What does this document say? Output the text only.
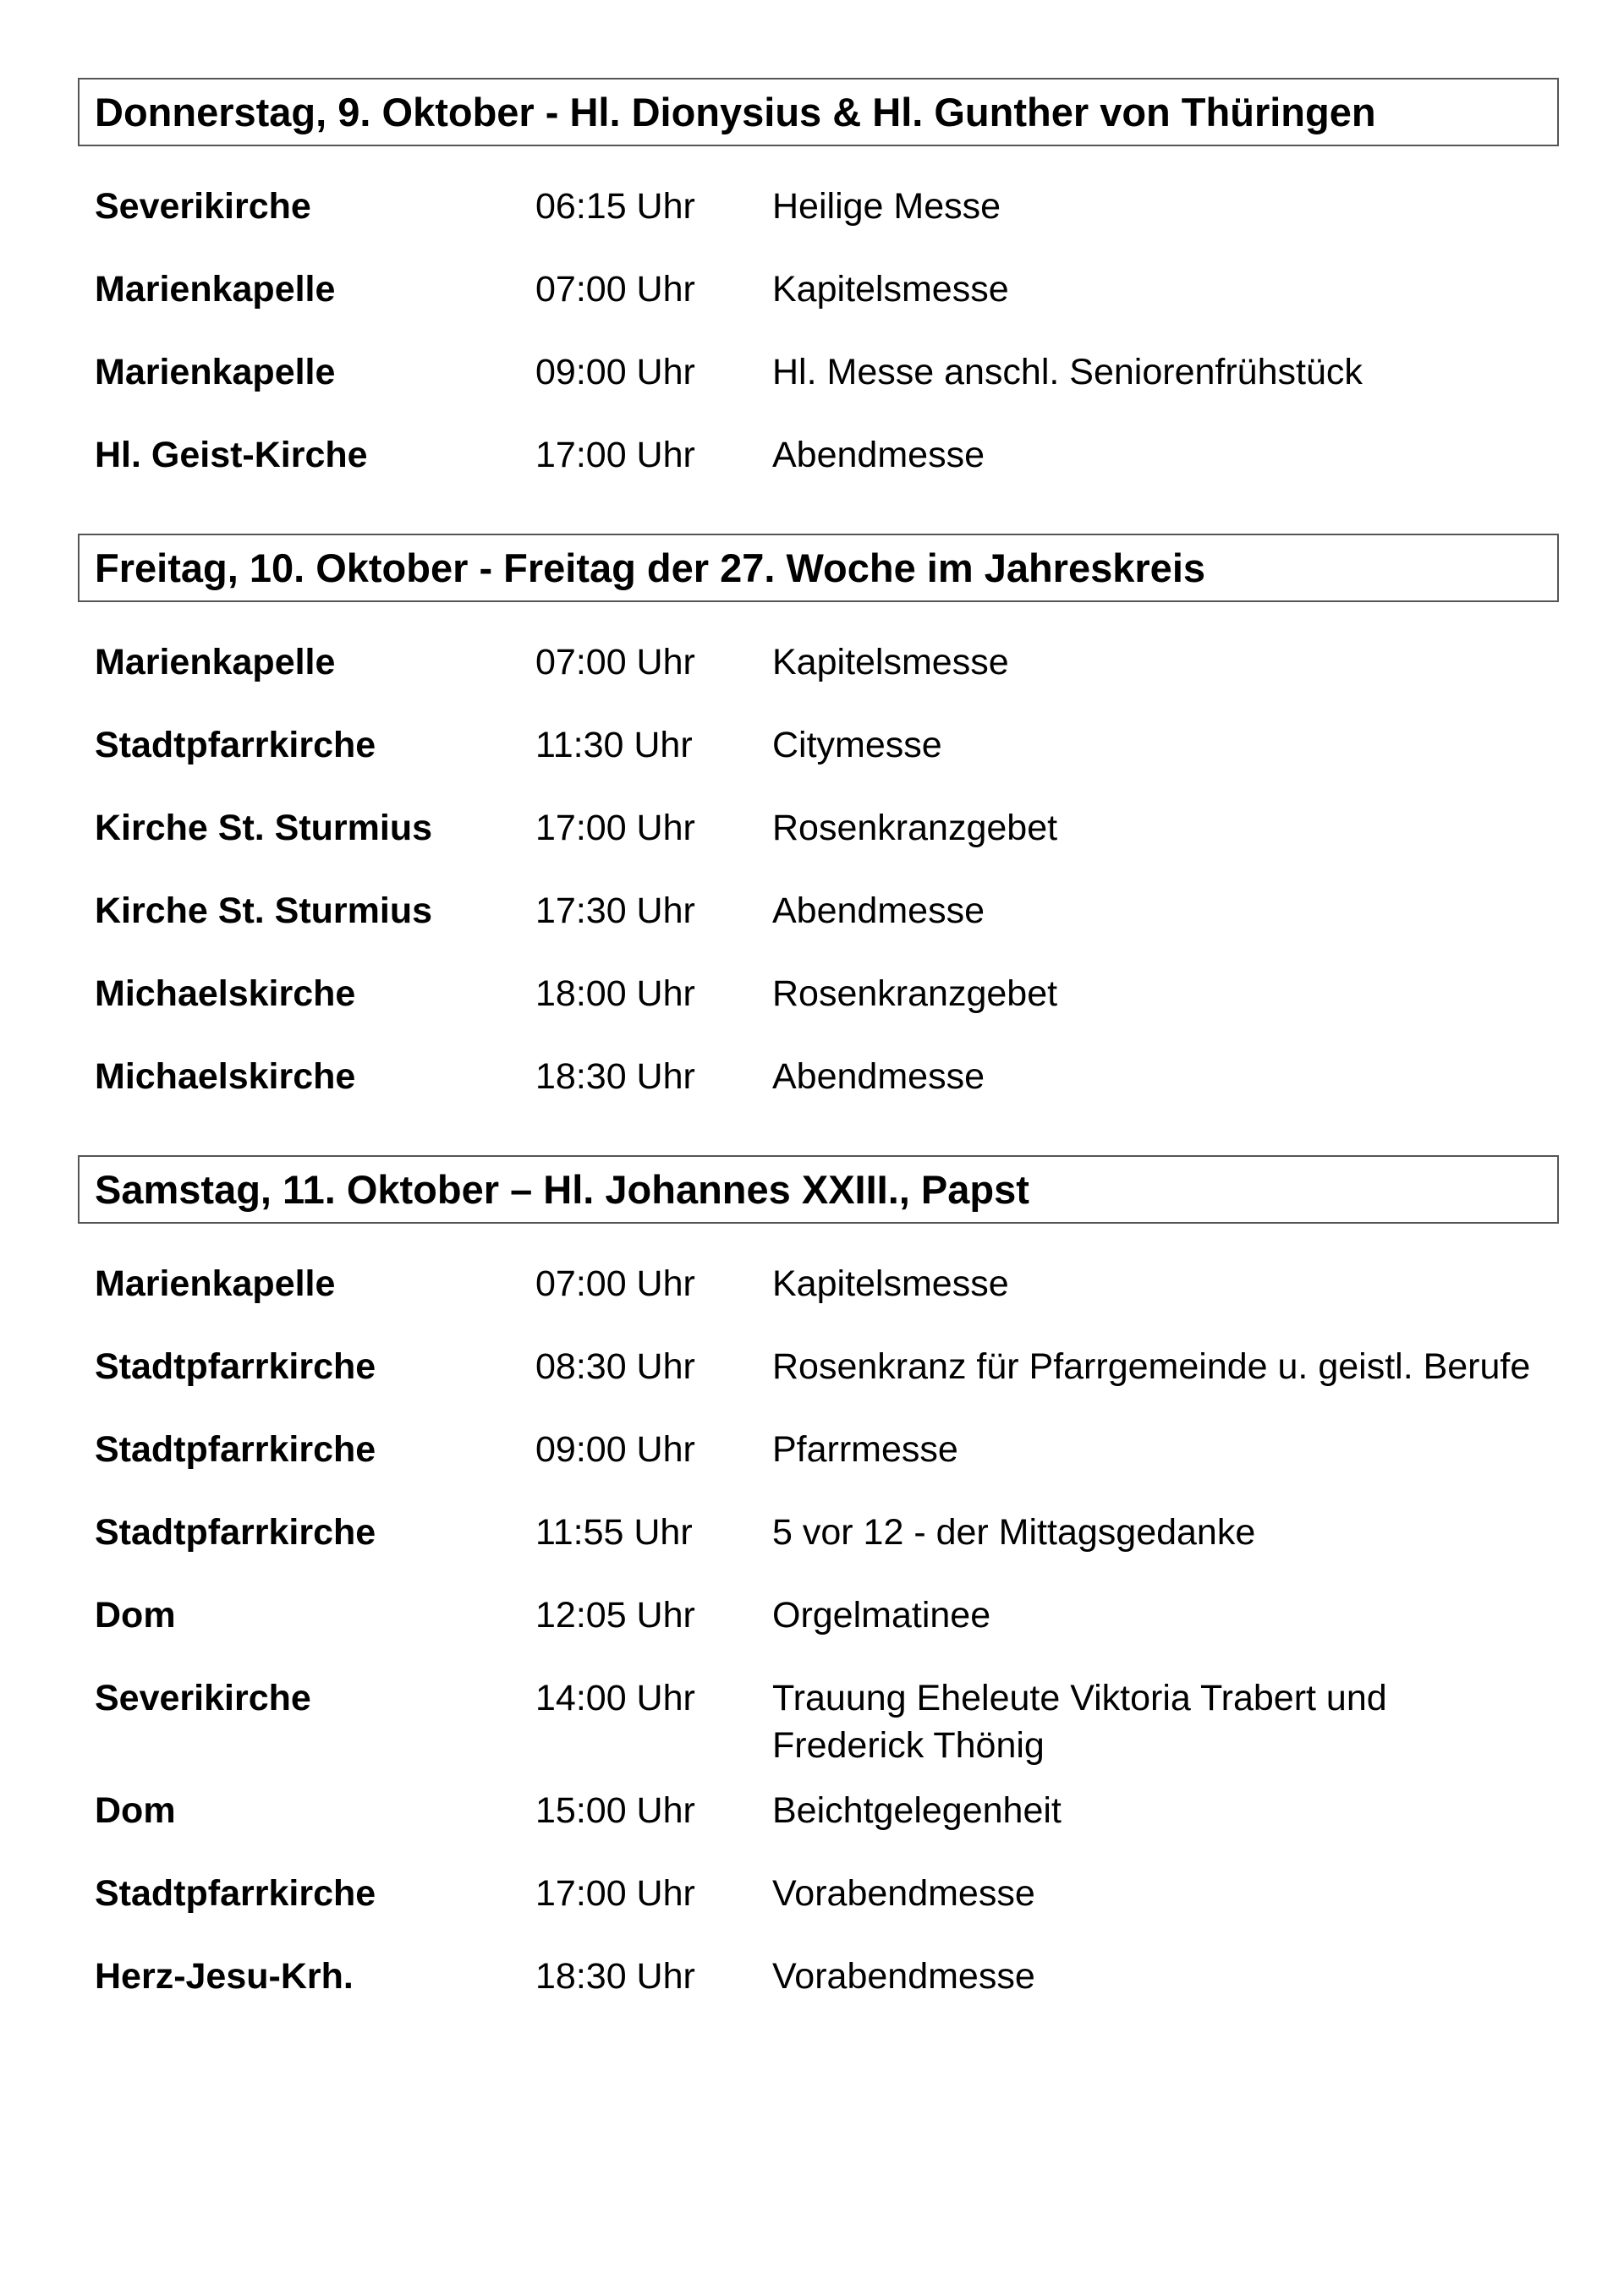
Donnerstag, 9. Oktober - Hl. Dionysius & Hl. Gunther von Thüringen
Severikirche	06:15 Uhr	Heilige Messe
Marienkapelle	07:00 Uhr	Kapitelsmesse
Marienkapelle	09:00 Uhr	Hl. Messe anschl. Seniorenfrühstück
Hl. Geist-Kirche	17:00 Uhr	Abendmesse
Freitag, 10. Oktober - Freitag der 27. Woche im Jahreskreis
Marienkapelle	07:00 Uhr	Kapitelsmesse
Stadtpfarrkirche	11:30 Uhr	Citymesse
Kirche St. Sturmius	17:00 Uhr	Rosenkranzgebet
Kirche St. Sturmius	17:30 Uhr	Abendmesse
Michaelskirche	18:00 Uhr	Rosenkranzgebet
Michaelskirche	18:30 Uhr	Abendmesse
Samstag, 11. Oktober – Hl. Johannes XXIII., Papst
Marienkapelle	07:00 Uhr	Kapitelsmesse
Stadtpfarrkirche	08:30 Uhr	Rosenkranz für Pfarrgemeinde u. geistl. Berufe
Stadtpfarrkirche	09:00 Uhr	Pfarrmesse
Stadtpfarrkirche	11:55 Uhr	5 vor 12 - der Mittagsgedanke
Dom	12:05 Uhr	Orgelmatinee
Severikirche	14:00 Uhr	Trauung Eheleute Viktoria Trabert und
Frederick Thönig
Dom	15:00 Uhr	Beichtgelegenheit
Stadtpfarrkirche	17:00 Uhr	Vorabendmesse
Herz-Jesu-Krh.	18:30 Uhr	Vorabendmesse
